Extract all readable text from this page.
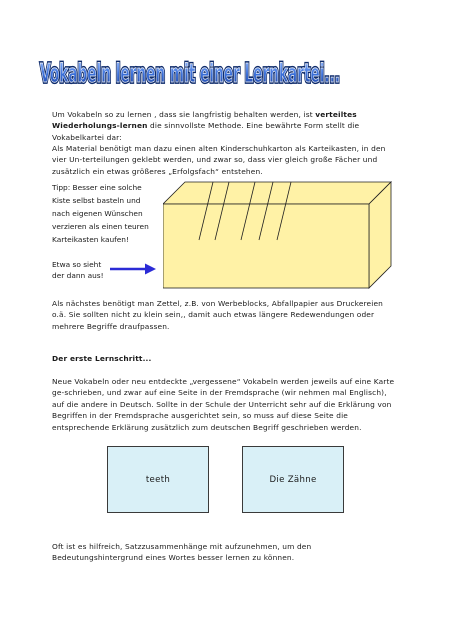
Vokabeln lernen mit einer Lernkartei...
Vokabeln lernen mit einer Lernkartei...
Um Vokabeln so zu lernen , dass sie langfristig behalten werden, ist verteiltes Wiederholungs-lernen die sinnvollste Methode. Eine bewährte Form stellt die Vokabelkartei dar:
Als Material benötigt man dazu einen alten Kinderschuhkarton als Karteikasten, in den vier Un-terteilungen geklebt werden, und zwar so, dass vier gleich große Fächer und zusätzlich ein etwas größeres „Erfolgsfach“ entstehen.
Tipp: Besser eine solche Kiste selbst basteln und nach eigenen Wünschen verzieren als einen teuren Karteikasten kaufen!
Etwa so sieht der dann aus!
Als nächstes benötigt man Zettel, z.B. von Werbeblocks, Abfallpapier aus Druckereien o.ä. Sie sollten nicht zu klein sein,, damit auch etwas längere Redewendungen oder mehrere Begriffe draufpassen.
Der erste Lernschritt...
Neue Vokabeln oder neu entdeckte „vergessene“ Vokabeln werden jeweils auf eine Karte ge-schrieben, und zwar auf eine Seite in der Fremdsprache (wir nehmen mal Englisch), auf die andere in Deutsch. Sollte in der Schule der Unterricht sehr auf die Erklärung von Begriffen in der Fremdsprache ausgerichtet sein, so muss auf diese Seite die entsprechende Erklärung zusätzlich zum deutschen Begriff geschrieben werden.
teeth	Die Zähne
Oft ist es hilfreich, Satzzusammenhänge mit aufzunehmen, um den Bedeutungshintergrund eines Wortes besser lernen zu können.
